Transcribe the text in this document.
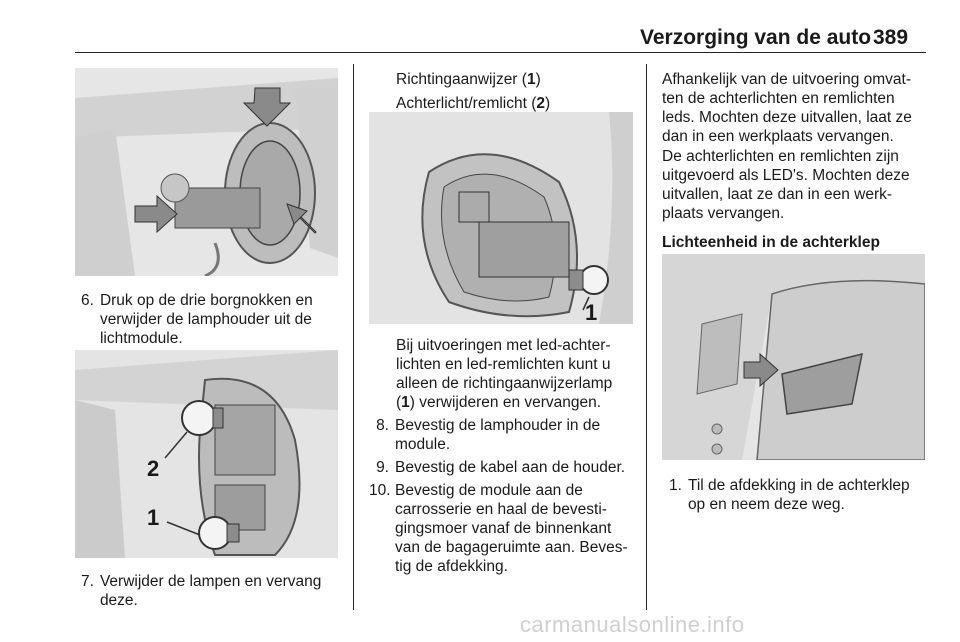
Verzorging van de auto 389
6. Druk op de drie borgnokken en verwijder de lamphouder uit de lichtmodule.
2
1
7. Verwijder de lampen en vervang deze.
Richtingaanwijzer (1)
Achterlicht/remlicht (2)
1
Bij uitvoeringen met led-achter-lichten en led-remlichten kunt u alleen de richtingaanwijzerlamp (1) verwijderen en vervangen.
8. Bevestig de lamphouder in de module.
9. Bevestig de kabel aan de houder.
10. Bevestig de module aan de carrosserie en haal de bevesti-gingsmoer vanaf de binnenkant van de bagageruimte aan. Beves-tig de afdekking.
Afhankelijk van de uitvoering omvat-ten de achterlichten en remlichten leds. Mochten deze uitvallen, laat ze dan in een werkplaats vervangen.
De achterlichten en remlichten zijn uitgevoerd als LED's. Mochten deze uitvallen, laat ze dan in een werk-plaats vervangen.
Lichteenheid in de achterklep
1. Til de afdekking in de achterklep op en neem deze weg.
carmanualsonline.info
